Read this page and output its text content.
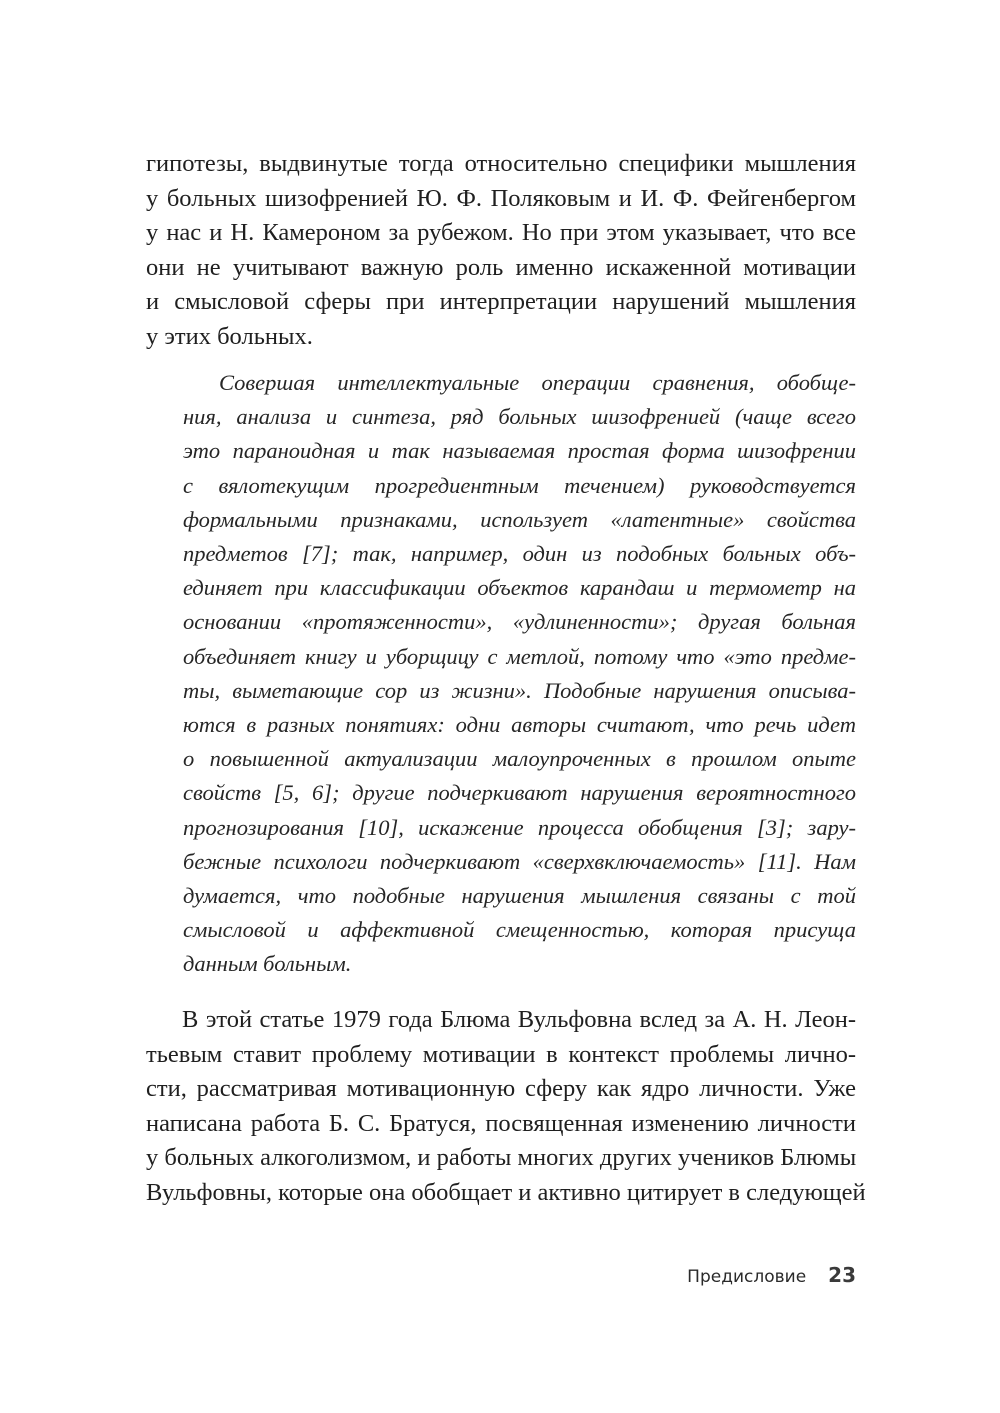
гипотезы, выдвинутые тогда относительно специфики мышления
у больных шизофренией Ю. Ф. Поляковым и И. Ф. Фейгенбергом
у нас и Н. Камероном за рубежом. Но при этом указывает, что все
они не учитывают важную роль именно искаженной мотивации
и смысловой сферы при интерпретации нарушений мышления
у этих больных.
Совершая интеллектуальные операции сравнения, обобще-
ния, анализа и синтеза, ряд больных шизофренией (чаще всего
это параноидная и так называемая простая форма шизофрении
с вялотекущим прогредиентным течением) руководствуется
формальными признаками, использует «латентные» свойства
предметов [7]; так, например, один из подобных больных объ-
единяет при классификации объектов карандаш и термометр на
основании «протяженности», «удлиненности»; другая больная
объединяет книгу и уборщицу с метлой, потому что «это предме-
ты, выметающие сор из жизни». Подобные нарушения описыва-
ются в разных понятиях: одни авторы считают, что речь идет
о повышенной актуализации малоупроченных в прошлом опыте
свойств [5, 6]; другие подчеркивают нарушения вероятностного
прогнозирования [10], искажение процесса обобщения [3]; зару-
бежные психологи подчеркивают «сверхвключаемость» [11]. Нам
думается, что подобные нарушения мышления связаны с той
смысловой и аффективной смещенностью, которая присуща
данным больным.
В этой статье 1979 года Блюма Вульфовна вслед за А. Н. Леон-
тьевым ставит проблему мотивации в контекст проблемы лично-
сти, рассматривая мотивационную сферу как ядро личности. Уже
написана работа Б. С. Братуся, посвященная изменению личности
у больных алкоголизмом, и работы многих других учеников Блюмы
Вульфовны, которые она обобщает и активно цитирует в следующей
Предисловие 23
